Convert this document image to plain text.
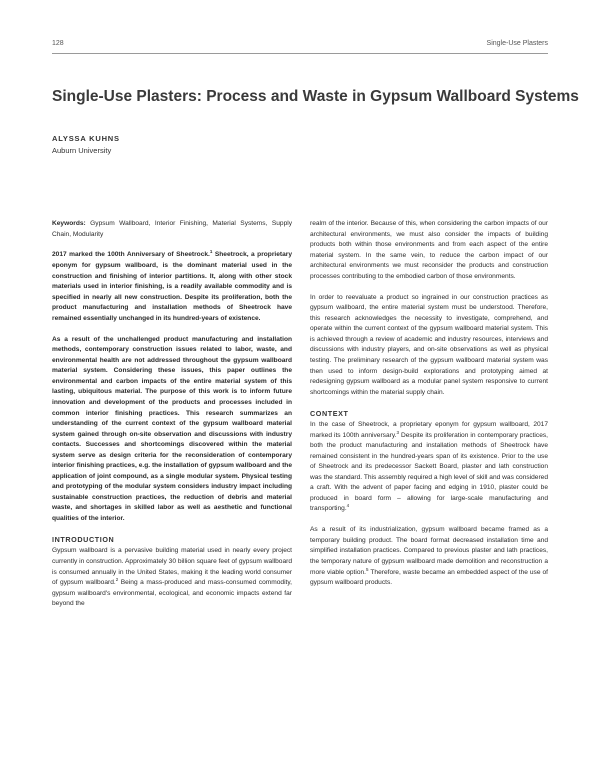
128	Single-Use Plasters
Single-Use Plasters: Process and Waste in Gypsum Wallboard Systems
ALYSSA KUHNS
Auburn University

Keywords: Gypsum Wallboard, Interior Finishing, Material Systems, Supply Chain, Modularity

2017 marked the 100th Anniversary of Sheetrock.$^1$ Sheetrock, a proprietary eponym for gypsum wallboard, is the dominant material used in the construction and finishing of interior partitions. It, along with other stock materials used in interior finishing, is a readily available commodity and is specified in nearly all new construction. Despite its proliferation, both the product manufacturing and installation methods of Sheetrock have remained essentially unchanged in its hundred-years of existence.

As a result of the unchallenged product manufacturing and installation methods, contemporary construction issues related to labor, waste, and environmental health are not addressed throughout the gypsum wallboard material system. Considering these issues, this paper outlines the environmental and carbon impacts of the entire material system of this lasting, ubiquitous material. The purpose of this work is to inform future innovation and development of the products and processes included in common interior finishing practices. This research summarizes an understanding of the current context of the gypsum wallboard material system gained through on-site observation and discussions with industry contacts. Successes and shortcomings discovered within the material system serve as design criteria for the reconsideration of contemporary interior finishing practices, e.g. the installation of gypsum wallboard and the application of joint compound, as a single modular system. Physical testing and prototyping of the modular system considers industry impact including sustainable construction practices, the reduction of debris and material waste, and shortages in skilled labor as well as aesthetic and functional qualities of the interior.

INTRODUCTION

Gypsum wallboard is a pervasive building material used in nearly every project currently in construction. Approximately 30 billion square feet of gypsum wallboard is consumed annually in the United States, making it the leading world consumer of gypsum wallboard.$^2$ Being a mass-produced and mass-consumed commodity, gypsum wallboard's environmental, ecological, and economic impacts extend far beyond the

realm of the interior. Because of this, when considering the carbon impacts of our architectural environments, we must also consider the impacts of building products both within those environments and from each aspect of the entire material system. In the same vein, to reduce the carbon impact of our architectural environments we must reconsider the products and construction processes contributing to the embodied carbon of those environments.

In order to reevaluate a product so ingrained in our construction practices as gypsum wallboard, the entire material system must be understood. Therefore, this research acknowledges the necessity to investigate, comprehend, and operate within the current context of the gypsum wallboard material system. This is achieved through a review of academic and industry resources, interviews and discussions with industry players, and on-site observations as well as physical testing. The preliminary research of the gypsum wallboard material system was then used to inform design-build explorations and prototyping aimed at redesigning gypsum wallboard as a modular panel system responsive to current shortcomings within the material supply chain.

CONTEXT

In the case of Sheetrock, a proprietary eponym for gypsum wallboard, 2017 marked its 100th anniversary.$^3$ Despite its proliferation in contemporary practices, both the product manufacturing and installation methods of Sheetrock have remained consistent in the hundred-years span of its existence. Prior to the use of Sheetrock and its predecessor Sackett Board, plaster and lath construction was the standard. This assembly required a high level of skill and was considered a craft. With the advent of paper facing and edging in 1910, plaster could be produced in board form – allowing for large-scale manufacturing and transporting.$^4$

As a result of its industrialization, gypsum wallboard became framed as a temporary building product. The board format decreased installation time and simplified installation practices. Compared to previous plaster and lath practices, the temporary nature of gypsum wallboard made demolition and reconstruction a more viable option.$^5$ Therefore, waste became an embedded aspect of the use of gypsum wallboard products.
